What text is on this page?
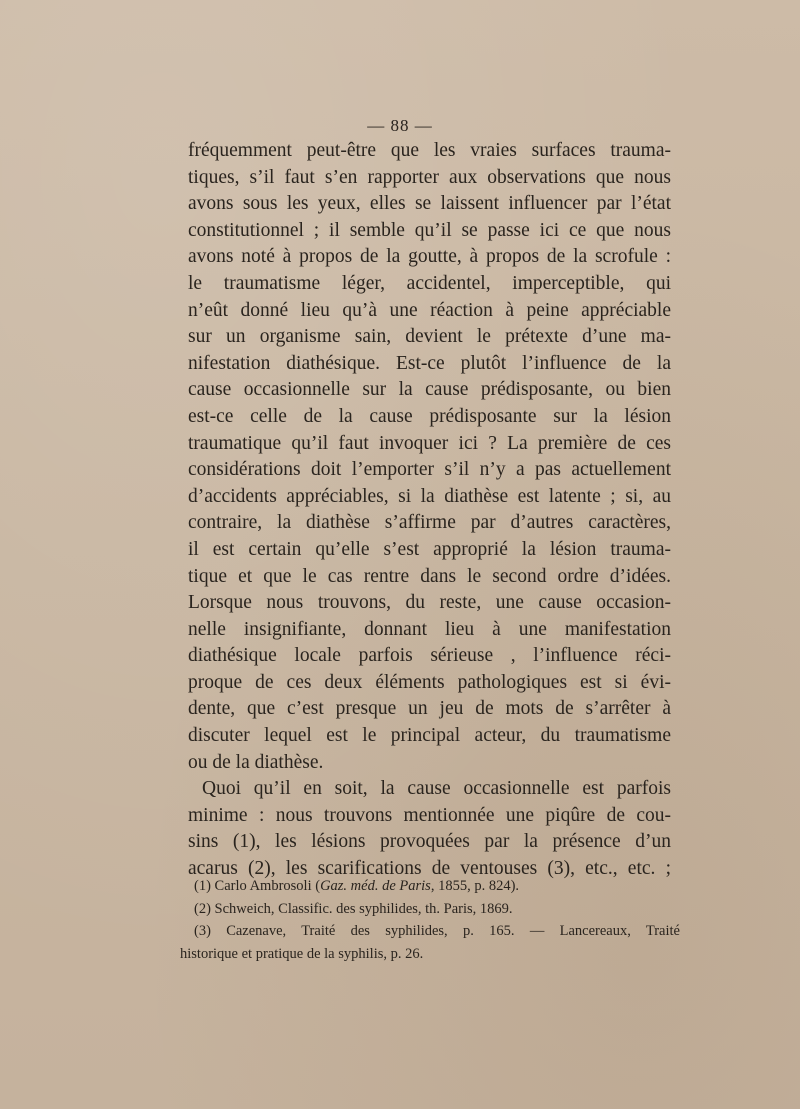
— 88 —
fréquemment peut-être que les vraies surfaces trauma-
tiques, s’il faut s’en rapporter aux observations que nous
avons sous les yeux, elles se laissent influencer par l’état
constitutionnel ; il semble qu’il se passe ici ce que nous
avons noté à propos de la goutte, à propos de la scrofule :
le traumatisme léger, accidentel, imperceptible, qui
n’eût donné lieu qu’à une réaction à peine appréciable
sur un organisme sain, devient le prétexte d’une ma-
nifestation diathésique. Est-ce plutôt l’influence de la
cause occasionnelle sur la cause prédisposante, ou bien
est-ce celle de la cause prédisposante sur la lésion
traumatique qu’il faut invoquer ici ? La première de ces
considérations doit l’emporter s’il n’y a pas actuellement
d’accidents appréciables, si la diathèse est latente ; si, au
contraire, la diathèse s’affirme par d’autres caractères,
il est certain qu’elle s’est approprié la lésion trauma-
tique et que le cas rentre dans le second ordre d’idées.
Lorsque nous trouvons, du reste, une cause occasion-
nelle insignifiante, donnant lieu à une manifestation
diathésique locale parfois sérieuse , l’influence réci-
proque de ces deux éléments pathologiques est si évi-
dente, que c’est presque un jeu de mots de s’arrêter à
discuter lequel est le principal acteur, du traumatisme
ou de la diathèse.
Quoi qu’il en soit, la cause occasionnelle est parfois
minime : nous trouvons mentionnée une piqûre de cou-
sins (1), les lésions provoquées par la présence d’un
acarus (2), les scarifications de ventouses (3), etc., etc. ;
(1) Carlo Ambrosoli (Gaz. méd. de Paris, 1855, p. 824).
(2) Schweich, Classific. des syphilides, th. Paris, 1869.
(3) Cazenave, Traité des syphilides, p. 165. — Lancereaux, Traité
historique et pratique de la syphilis, p. 26.
